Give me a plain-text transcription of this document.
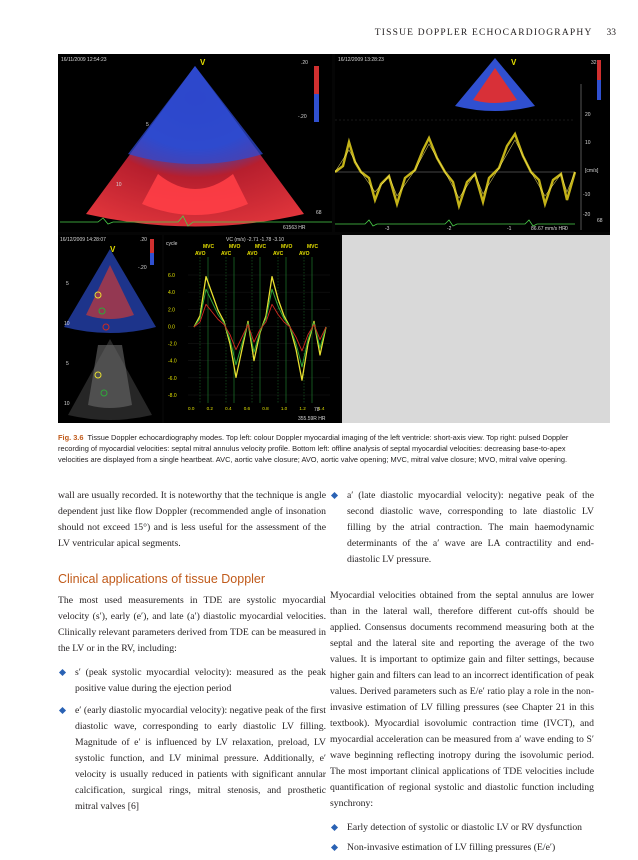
TISSUE DOPPLER ECHOCARDIOGRAPHY 33
16/11/2009 12:54:23	V	.20
-.20
5
10
68
61563 HR
16/12/2009 13:28:23	V	32
20
10
[cm/s]
-10
-20
-3	-2	-1	0
68
86.67 mm/s HR
16/12/2009 14:28:07
V
.20
-.20
5
10
5
10
6.0
4.0
2.0
0.0
-2.0
-4.0
-6.0
-8.0
0.0	0.2	0.4	0.6	0.8	1.0	1.2	1.4
MVC	MVO	MVC	MVO	MVC
AVO	AVC	AVO	AVC	AVO
VC (m/s) -2.71 -1.78 -3.10
cycle
78
355.59R HR
Fig. 3.6 Tissue Doppler echocardiography modes. Top left: colour Doppler myocardial imaging of the left ventricle: short-axis view. Top right: pulsed Doppler recording of myocardial velocities: septal mitral annulus velocity profile. Bottom left: offline analysis of septal myocardial velocities: decreasing base-to-apex velocities are displayed from a single heartbeat. AVC, aortic valve closure; AVO, aortic valve opening; MVC, mitral valve closure; MVO, mitral valve opening.

wall are usually recorded. It is noteworthy that the technique is angle dependent just like flow Doppler (recommended angle of insonation should not exceed 15°) and is less useful for the assessment of the LV ventricular apical segments.

Clinical applications of tissue Doppler

The most used measurements in TDE are systolic myocardial velocity (s′), early (e′), and late (a′) diastolic myocardial velocities. Clinically relevant parameters derived from TDE can be measured in the LV or in the RV, including:

s′ (peak systolic myocardial velocity): measured as the peak positive value during the ejection period
e′ (early diastolic myocardial velocity): negative peak of the first diastolic wave, corresponding to early diastolic LV filling. Magnitude of e′ is influenced by LV relaxation, preload, LV systolic function, and LV minimal pressure. Additionally, e′ velocity is usually reduced in patients with significant annular calcification, surgical rings, mitral stenosis, and prosthetic mitral valves [6]
a′ (late diastolic myocardial velocity): negative peak of the second diastolic wave, corresponding to late diastolic LV filling by the atrial contraction. The main haemodynamic determinants of the a′ wave are LA contractility and end-diastolic LV pressure.

Myocardial velocities obtained from the septal annulus are lower than in the lateral wall, therefore different cut-offs should be applied. Consensus documents recommend measuring both at the septal and the lateral site and reporting the average of the two values. It is important to optimize gain and filter settings, because higher gain and filters can lead to an incorrect identification of peak values. Derived parameters such as E/e′ ratio play a role in the non-invasive estimation of LV filling pressures (see Chapter 21 in this textbook). Myocardial isovolumic contraction time (IVCT), and myocardial acceleration can be measured from a′ wave ending to S′ wave beginning reflecting inotropy during the isovolumic period. The most important clinical applications of TDE velocities include quantification of regional systolic and diastolic function including synchrony:

Early detection of systolic or diastolic LV or RV dysfunction
Non-invasive estimation of LV filling pressures (E/e′)
